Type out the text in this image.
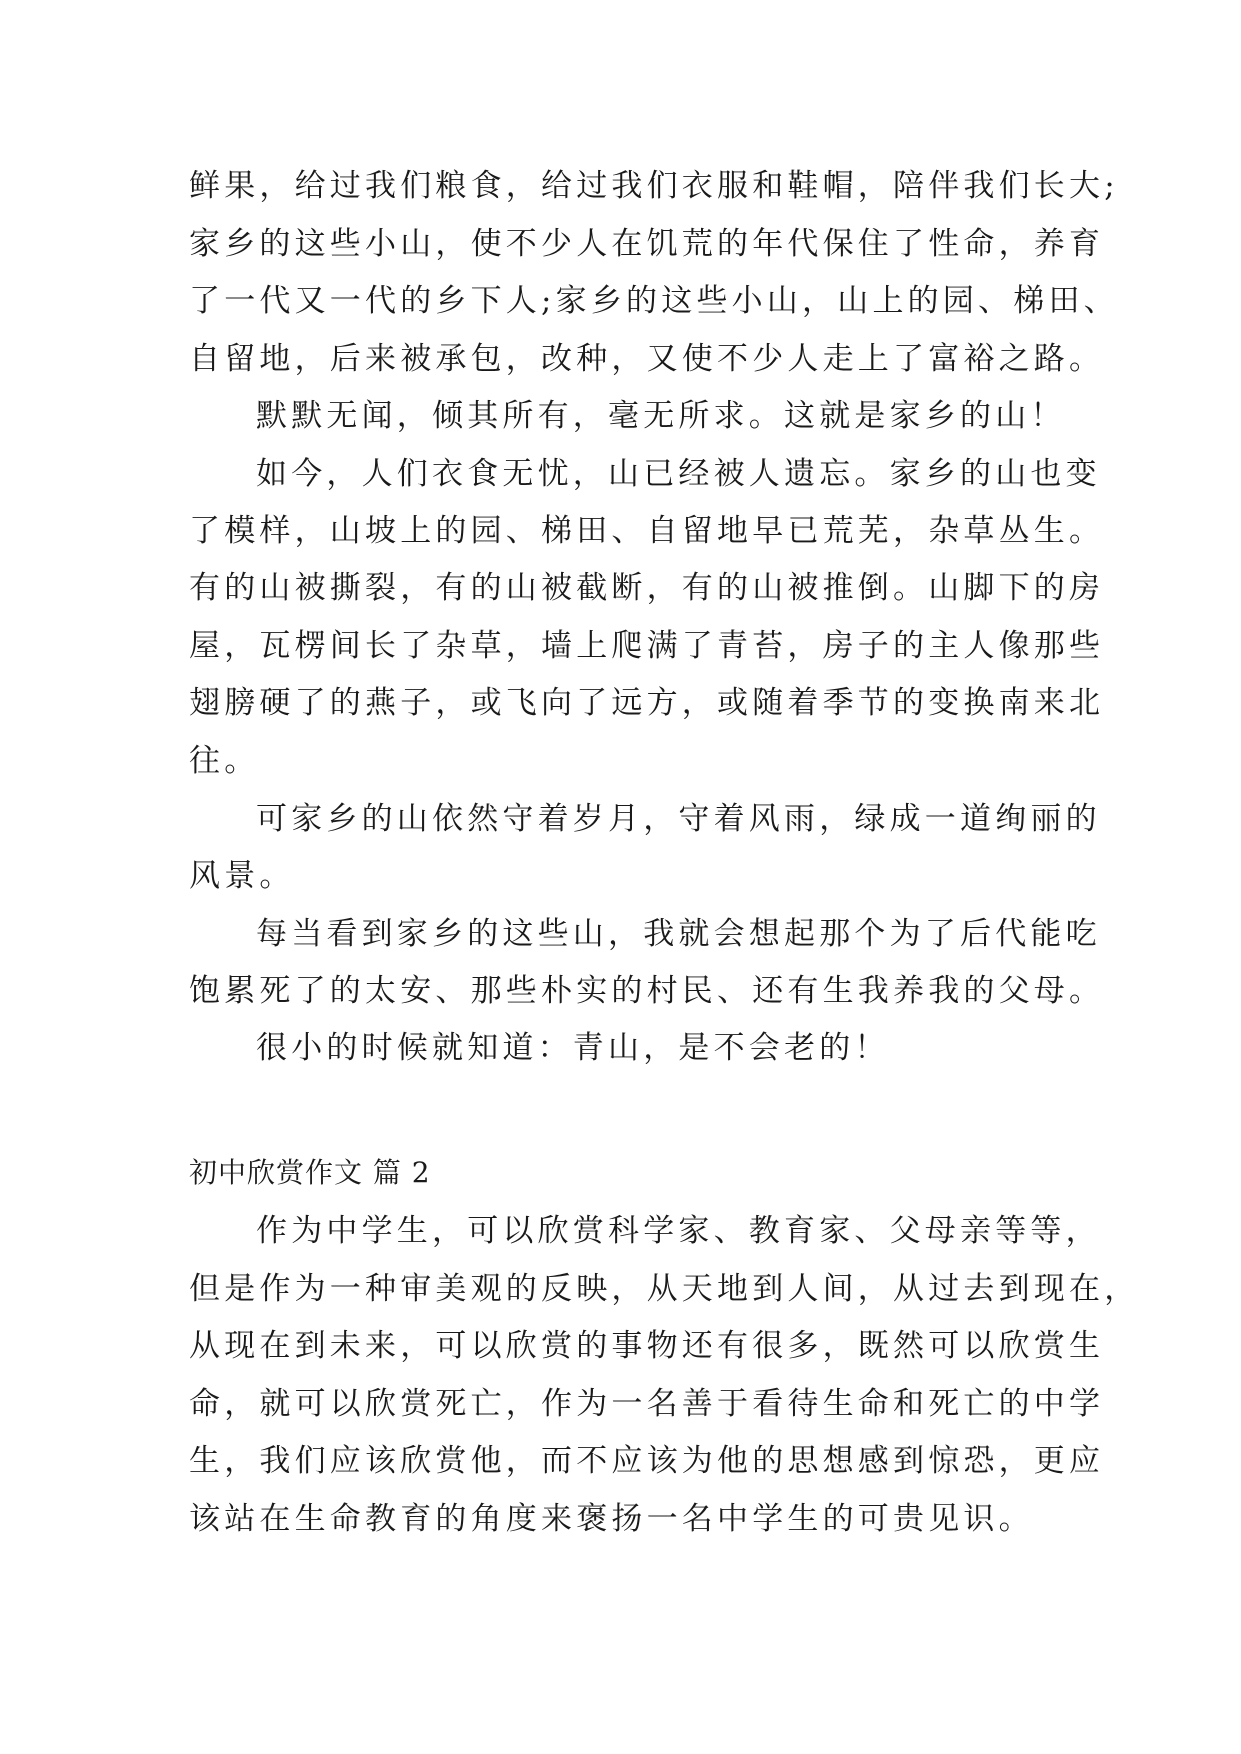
鲜果，给过我们粮食，给过我们衣服和鞋帽，陪伴我们长大;
家乡的这些小山，使不少人在饥荒的年代保住了性命，养育
了一代又一代的乡下人;家乡的这些小山，山上的园、梯田、
自留地，后来被承包，改种，又使不少人走上了富裕之路。
默默无闻，倾其所有，毫无所求。这就是家乡的山！
如今，人们衣食无忧，山已经被人遗忘。家乡的山也变
了模样，山坡上的园、梯田、自留地早已荒芜，杂草丛生。
有的山被撕裂，有的山被截断，有的山被推倒。山脚下的房
屋，瓦楞间长了杂草，墙上爬满了青苔，房子的主人像那些
翅膀硬了的燕子，或飞向了远方，或随着季节的变换南来北
往。
可家乡的山依然守着岁月，守着风雨，绿成一道绚丽的
风景。
每当看到家乡的这些山，我就会想起那个为了后代能吃
饱累死了的太安、那些朴实的村民、还有生我养我的父母。
很小的时候就知道：青山，是不会老的！
初中欣赏作文 篇 2
作为中学生，可以欣赏科学家、教育家、父母亲等等，
但是作为一种审美观的反映，从天地到人间，从过去到现在，
从现在到未来，可以欣赏的事物还有很多，既然可以欣赏生
命，就可以欣赏死亡，作为一名善于看待生命和死亡的中学
生，我们应该欣赏他，而不应该为他的思想感到惊恐，更应
该站在生命教育的角度来褒扬一名中学生的可贵见识。
